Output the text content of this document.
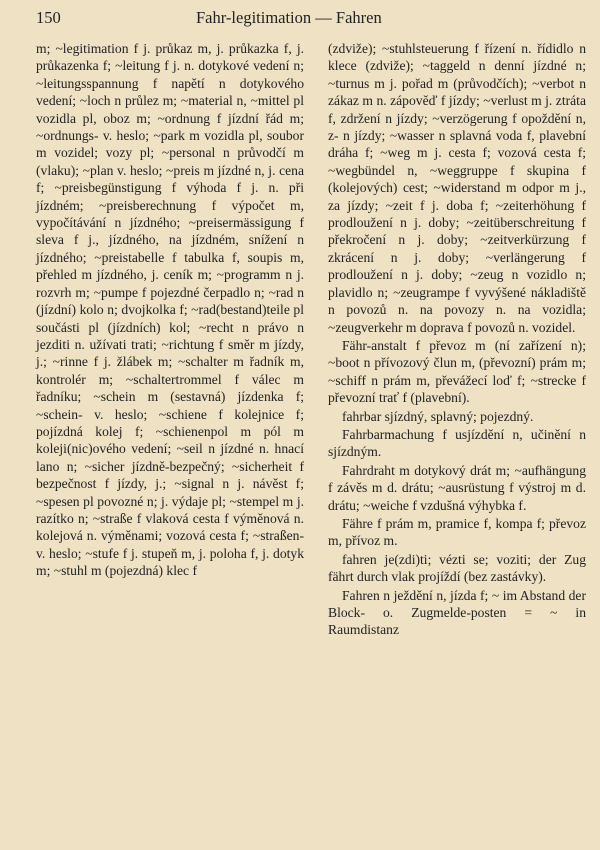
150	Fahr-legitimation — Fahren

m; ~legitimation f j. průkaz m, j. průkazka f, j. průkazenka f; ~leitung f j. n. dotykové vedení n; ~leitungsspannung f napětí n dotykového vedení; ~loch n průlez m; ~material n, ~mittel pl vozidla pl, oboz m; ~ordnung f jízdní řád m; ~ordnungs- v. heslo; ~park m vozidla pl, soubor m vozidel; vozy pl; ~personal n průvodčí m (vlaku); ~plan v. heslo; ~preis m jízdné n, j. cena f; ~preisbegünstigung f výhoda f j. n. při jízdném; ~preisberechnung f výpočet m, vypočítávání n jízdného; ~preisermässigung f sleva f j., jízdného, na jízdném, snížení n jízdného; ~preistabelle f tabulka f, soupis m, přehled m jízdného, j. ceník m; ~programm n j. rozvrh m; ~pumpe f pojezdné čerpadlo n; ~rad n (jízdní) kolo n; dvojkolka f; ~rad(bestand)teile pl součásti pl (jízdních) kol; ~recht n právo n jezditi n. užívati trati; ~richtung f směr m jízdy, j.; ~rinne f j. žlábek m; ~schalter m řadník m, kontrolér m; ~schaltertrommel f válec m řadníku; ~schein m (sestavná) jízdenka f; ~schein- v. heslo; ~schiene f kolejnice f; pojízdná kolej f; ~schienenpol m pól m koleji(nic)ového vedení; ~seil n jízdné n. hnací lano n; ~sicher jízdně-bezpečný; ~sicherheit f bezpečnost f jízdy, j.; ~signal n j. návěst f; ~spesen pl povozné n; j. výdaje pl; ~stempel m j. razítko n; ~straße f vlaková cesta f výměnová n. kolejová n. výměnami; vozová cesta f; ~straßen- v. heslo; ~stufe f j. stupeň m, j. poloha f, j. dotyk m; ~stuhl m (pojezdná) klec f

(zdviže); ~stuhlsteuerung f řízení n. řídidlo n klece (zdviže); ~taggeld n denní jízdné n; ~turnus m j. pořad m (průvodčích); ~verbot n zákaz m n. zápověď f jízdy; ~verlust m j. ztráta f, zdržení n jízdy; ~verzögerung f opoždění n, z- n jízdy; ~wasser n splavná voda f, plavební dráha f; ~weg m j. cesta f; vozová cesta f; ~wegbündel n, ~weggruppe f skupina f (kolejových) cest; ~widerstand m odpor m j., za jízdy; ~zeit f j. doba f; ~zeiterhöhung f prodloužení n j. doby; ~zeitüberschreitung f překročení n j. doby; ~zeitverkürzung f zkrácení n j. doby; ~verlängerung f prodloužení n j. doby; ~zeug n vozidlo n; plavidlo n; ~zeugrampe f vyvýšené nákladiště n povozů n. na povozy n. na vozidla; ~zeugverkehr m doprava f povozů n. vozidel.

Fähr-anstalt f převoz m (ní zařízení n); ~boot n přívozový člun m, (převozní) prám m; ~schiff n prám m, převážecí loď f; ~strecke f převozní trať f (plavební).

fahrbar sjízdný, splavný; pojezdný.

Fahrbarmachung f usjízdění n, učinění n sjízdným.

Fahrdraht m dotykový drát m; ~aufhängung f závěs m d. drátu; ~ausrüstung f výstroj m d. drátu; ~weiche f vzdušná výhybka f.

Fähre f prám m, pramice f, kompa f; převoz m, přívoz m.

fahren je(zdi)ti; vézti se; voziti; der Zug fährt durch vlak projíždí (bez zastávky).

Fahren n ježdění n, jízda f; ~ im Abstand der Block- o. Zugmelde-posten = ~ in Raumdistanz
